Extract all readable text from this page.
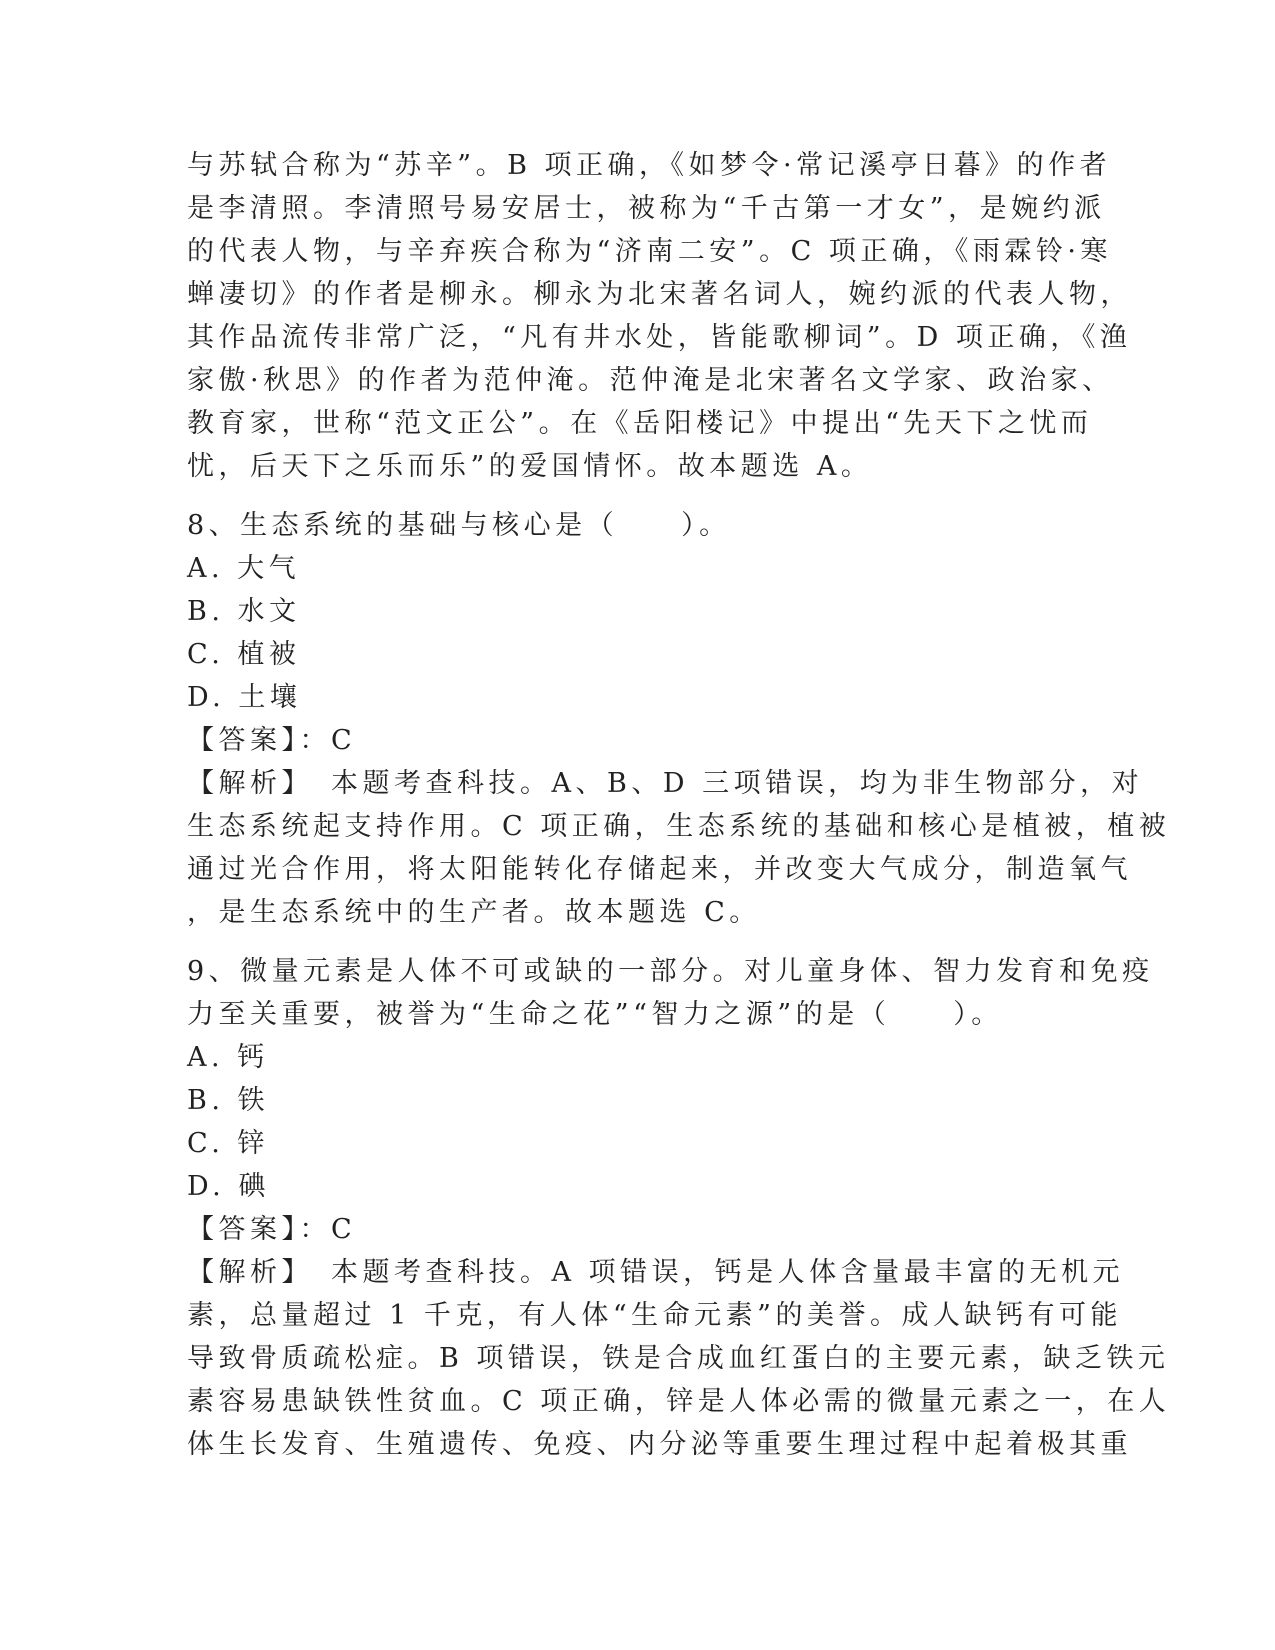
与苏轼合称为“苏辛”。B 项正确，《如梦令·常记溪亭日暮》的作者
是李清照。李清照号易安居士，被称为“千古第一才女”，是婉约派
的代表人物，与辛弃疾合称为“济南二安”。C 项正确，《雨霖铃·寒
蝉凄切》的作者是柳永。柳永为北宋著名词人，婉约派的代表人物，
其作品流传非常广泛，“凡有井水处，皆能歌柳词”。D 项正确，《渔
家傲·秋思》的作者为范仲淹。范仲淹是北宋著名文学家、政治家、
教育家，世称“范文正公”。在《岳阳楼记》中提出“先天下之忧而
忧，后天下之乐而乐”的爱国情怀。故本题选 A。
8、生态系统的基础与核心是（　　）。
A. 大气
B. 水文
C. 植被
D. 土壤
【答案】：C
【解析】　本题考查科技。A、B、D 三项错误，均为非生物部分，对
生态系统起支持作用。C 项正确，生态系统的基础和核心是植被，植被
通过光合作用，将太阳能转化存储起来，并改变大气成分，制造氧气
，是生态系统中的生产者。故本题选 C。
9、微量元素是人体不可或缺的一部分。对儿童身体、智力发育和免疫
力至关重要，被誉为“生命之花”“智力之源”的是（　　）。
A. 钙
B. 铁
C. 锌
D. 碘
【答案】：C
【解析】　本题考查科技。A 项错误，钙是人体含量最丰富的无机元
素，总量超过 1 千克，有人体“生命元素”的美誉。成人缺钙有可能
导致骨质疏松症。B 项错误，铁是合成血红蛋白的主要元素，缺乏铁元
素容易患缺铁性贫血。C 项正确，锌是人体必需的微量元素之一，在人
体生长发育、生殖遗传、免疫、内分泌等重要生理过程中起着极其重
